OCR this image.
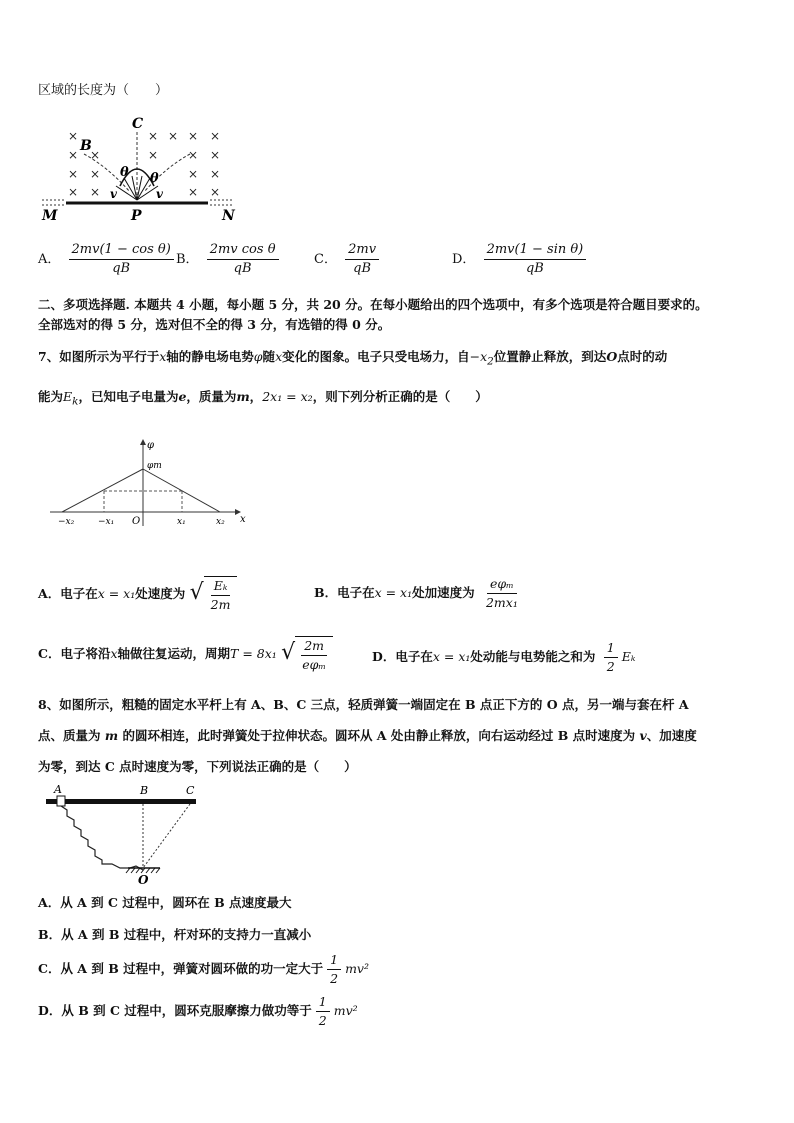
区域的长度为（　　）
×	× × × ×
× ×	× × ×
× ×	× ×
× ×	× ×
B
C
θ θ
v	v
M	P	N
A． $\frac{\text{2mv(1 − cos θ)}}{qB}$ B． $\frac{\text{2mv cos θ}}{qB}$	C． $\frac{2mv}{qB}$	D． $\frac{\text{2mv(1 − sin θ)}}{qB}$
二、多项选择题. 本题共 4 小题，每小题 5 分，共 20 分。在每小题给出的四个选项中，有多个选项是符合题目要求的。
全部选对的得 5 分，选对但不全的得 3 分，有选错的得 0 分。
7、如图所示为平行于x轴的静电场电势φ随x变化的图象。电子只受电场力，自$-x_2$位置静止释放，到达O点时的动
能为$E_k$，已知电子电量为e，质量为m，2x₁ = x₂，则下列分析正确的是（　　）
φ
φm
−x₂	−x₁ O	x₁	x₂ x
A．电子在x = x₁处速度为 √ $\frac{\text{Eₖ}}{2m}$	B．电子在x = x₁处加速度为 $\frac{\text{eφₘ}}{\text{2mx₁}}$
C．电子将沿x轴做往复运动，周期T = 8x₁ √ $\frac{2m}{\text{eφₘ}}$	D．电子在x = x₁处动能与电势能之和为 $\frac{1}{2}$ Eₖ
8、如图所示，粗糙的固定水平杆上有 A、B、C 三点，轻质弹簧一端固定在 B 点正下方的 O 点，另一端与套在杆 A
点、质量为 m 的圆环相连，此时弹簧处于拉伸状态。圆环从 A 处由静止释放，向右运动经过 B 点时速度为 v、加速度
为零，到达 C 点时速度为零，下列说法正确的是（　　）
A	B	C
O
A．从 A 到 C 过程中，圆环在 B 点速度最大
B．从 A 到 B 过程中，杆对环的支持力一直减小
C．从 A 到 B 过程中，弹簧对圆环做的功一定大于 $\frac{1}{2} mv^2$
D．从 B 到 C 过程中，圆环克服摩擦力做功等于 $\frac{1}{2} mv^2$
